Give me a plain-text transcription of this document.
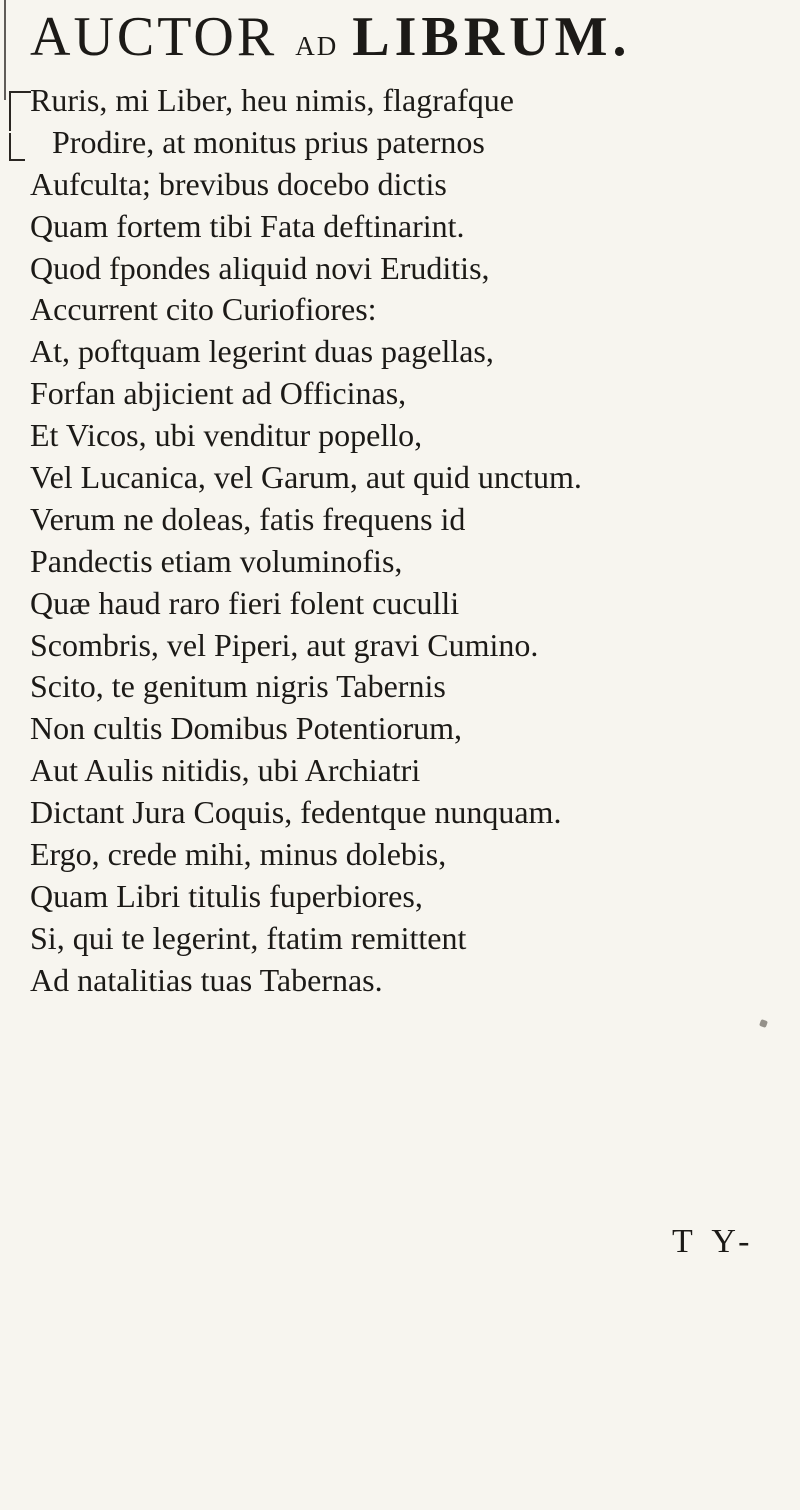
AUCTOR AD LIBRUM.
Ruris, mi Liber, heu nimis, flagrafque
Prodire, at monitus prius paternos
Aufculta; brevibus docebo dictis
Quam fortem tibi Fata deftinarint.
Quod fpondes aliquid novi Eruditis,
Accurrent cito Curiofiores:
At, poftquam legerint duas pagellas,
Forfan abjicient ad Officinas,
Et Vicos, ubi venditur popello,
Vel Lucanica, vel Garum, aut quid unctum.
Verum ne doleas, fatis frequens id
Pandectis etiam voluminofis,
Quæ haud raro fieri folent cuculli
Scombris, vel Piperi, aut gravi Cumino.
Scito, te genitum nigris Tabernis
Non cultis Domibus Potentiorum,
Aut Aulis nitidis, ubi Archiatri
Dictant Jura Coquis, fedentque nunquam.
Ergo, crede mihi, minus dolebis,
Quam Libri titulis fuperbiores,
Si, qui te legerint, ftatim remittent
Ad natalitias tuas Tabernas.

T Y-
